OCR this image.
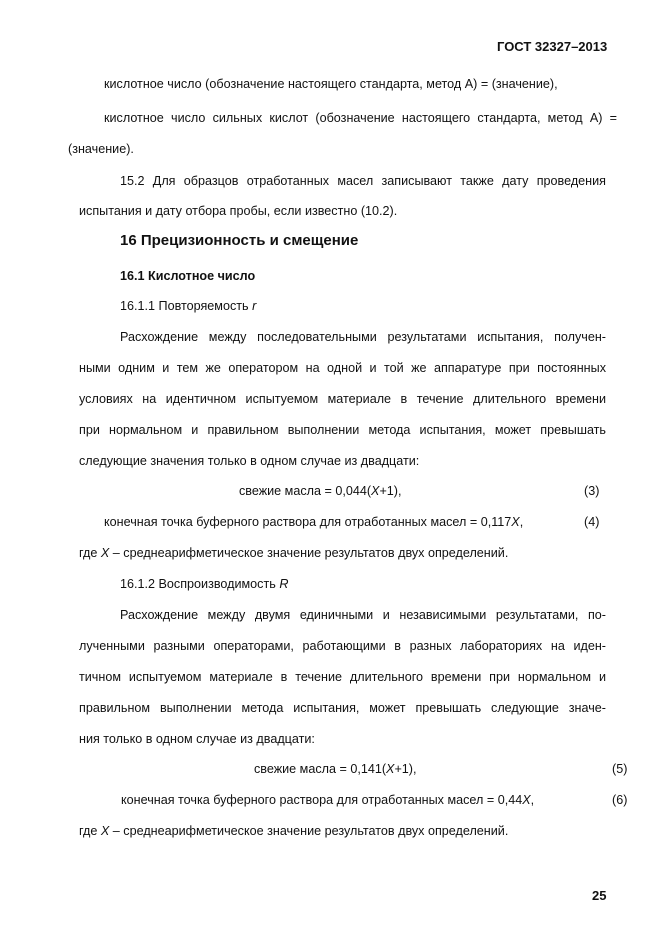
ГОСТ 32327–2013
кислотное число (обозначение настоящего стандарта, метод A) = (значение),
кислотное число сильных кислот (обозначение настоящего стандарта, метод A) =
(значение).
15.2 Для образцов отработанных масел записывают также дату проведения
испытания и дату отбора пробы, если известно (10.2).
16 Прецизионность и смещение
16.1 Кислотное число
16.1.1 Повторяемость r
Расхождение между последовательными результатами испытания, получен-
ными одним и тем же оператором на одной и той же аппаратуре при постоянных
условиях на идентичном испытуемом материале в течение длительного времени
при нормальном и правильном выполнении метода испытания, может превышать
следующие значения только в одном случае из двадцати:
свежие масла = 0,044(X+1),	(3)
конечная точка буферного раствора для отработанных масел = 0,117X,	(4)
где X – среднеарифметическое значение результатов двух определений.
16.1.2 Воспроизводимость R
Расхождение между двумя единичными и независимыми результатами, по-
лученными разными операторами, работающими в разных лабораториях на иден-
тичном испытуемом материале в течение длительного времени при нормальном и
правильном выполнении метода испытания, может превышать следующие значе-
ния только в одном случае из двадцати:
свежие масла = 0,141(X+1),	(5)
конечная точка буферного раствора для отработанных масел = 0,44X,	(6)
где X – среднеарифметическое значение результатов двух определений.
25
